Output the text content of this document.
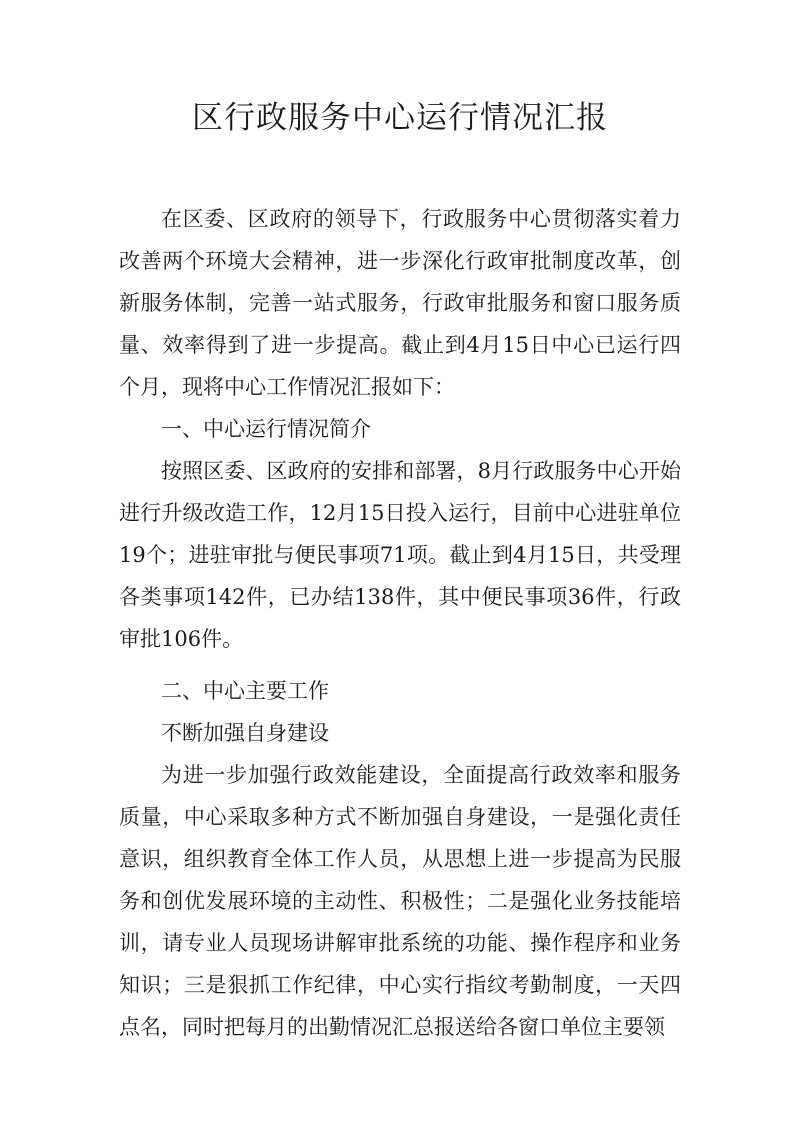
区行政服务中心运行情况汇报

在区委、区政府的领导下，行政服务中心贯彻落实着力改善两个环境大会精神，进一步深化行政审批制度改革，创新服务体制，完善一站式服务，行政审批服务和窗口服务质量、效率得到了进一步提高。截止到4月15日中心已运行四个月，现将中心工作情况汇报如下：

一、中心运行情况简介

按照区委、区政府的安排和部署，8月行政服务中心开始进行升级改造工作，12月15日投入运行，目前中心进驻单位19个；进驻审批与便民事项71项。截止到4月15日，共受理各类事项142件，已办结138件，其中便民事项36件，行政审批106件。

二、中心主要工作

不断加强自身建设

为进一步加强行政效能建设，全面提高行政效率和服务质量，中心采取多种方式不断加强自身建设，一是强化责任意识，组织教育全体工作人员，从思想上进一步提高为民服务和创优发展环境的主动性、积极性；二是强化业务技能培训，请专业人员现场讲解审批系统的功能、操作程序和业务知识；三是狠抓工作纪律，中心实行指纹考勤制度，一天四点名，同时把每月的出勤情况汇总报送给各窗口单位主要领
